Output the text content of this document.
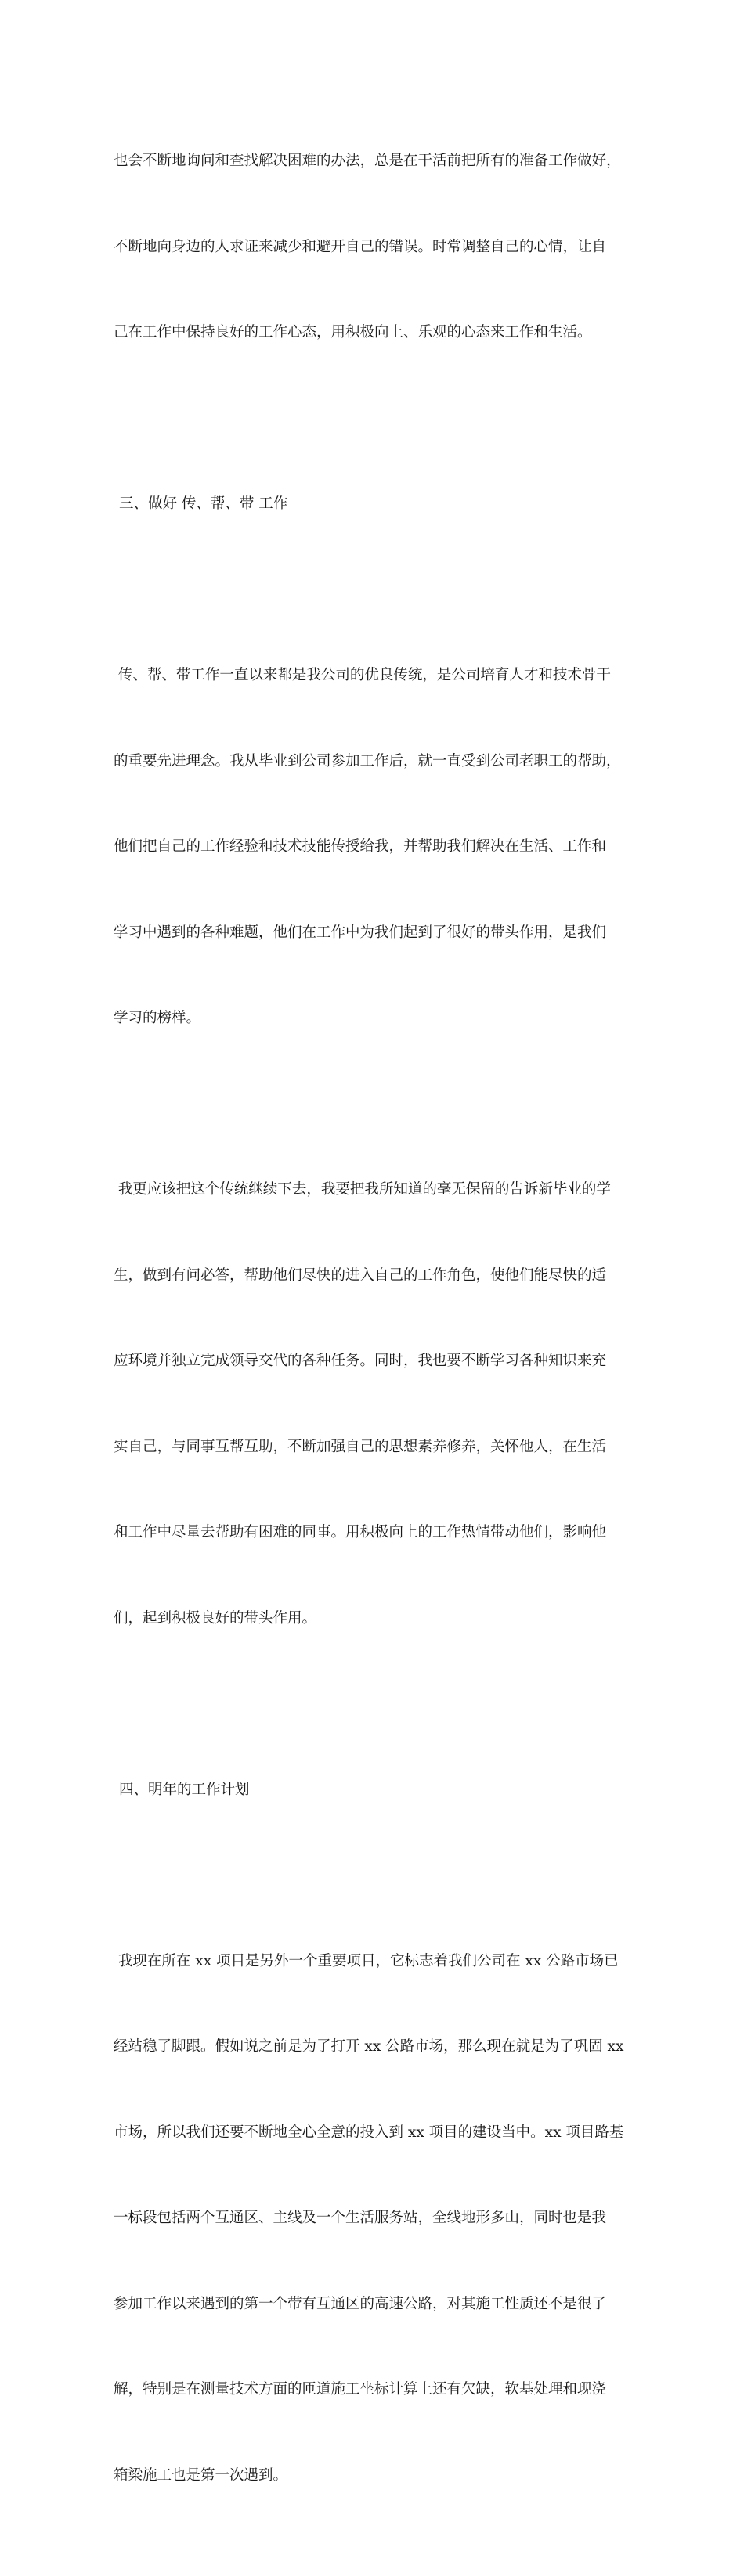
也会不断地询问和查找解决困难的办法，总是在干活前把所有的准备工作做好，

不断地向身边的人求证来减少和避开自己的错误。时常调整自己的心情，让自

己在工作中保持良好的工作心态，用积极向上、乐观的心态来工作和生活。

三、做好 传、帮、带 工作

传、帮、带工作一直以来都是我公司的优良传统，是公司培育人才和技术骨干

的重要先进理念。我从毕业到公司参加工作后，就一直受到公司老职工的帮助，

他们把自己的工作经验和技术技能传授给我，并帮助我们解决在生活、工作和

学习中遇到的各种难题，他们在工作中为我们起到了很好的带头作用，是我们

学习的榜样。

我更应该把这个传统继续下去，我要把我所知道的毫无保留的告诉新毕业的学

生，做到有问必答，帮助他们尽快的进入自己的工作角色，使他们能尽快的适

应环境并独立完成领导交代的各种任务。同时，我也要不断学习各种知识来充

实自己，与同事互帮互助，不断加强自己的思想素养修养，关怀他人，在生活

和工作中尽量去帮助有困难的同事。用积极向上的工作热情带动他们，影响他

们，起到积极良好的带头作用。

四、明年的工作计划

我现在所在 xx 项目是另外一个重要项目，它标志着我们公司在 xx 公路市场已

经站稳了脚跟。假如说之前是为了打开 xx 公路市场，那么现在就是为了巩固 xx

市场，所以我们还要不断地全心全意的投入到 xx 项目的建设当中。xx 项目路基

一标段包括两个互通区、主线及一个生活服务站，全线地形多山，同时也是我

参加工作以来遇到的第一个带有互通区的高速公路，对其施工性质还不是很了

解，特别是在测量技术方面的匝道施工坐标计算上还有欠缺，软基处理和现浇

箱梁施工也是第一次遇到。
